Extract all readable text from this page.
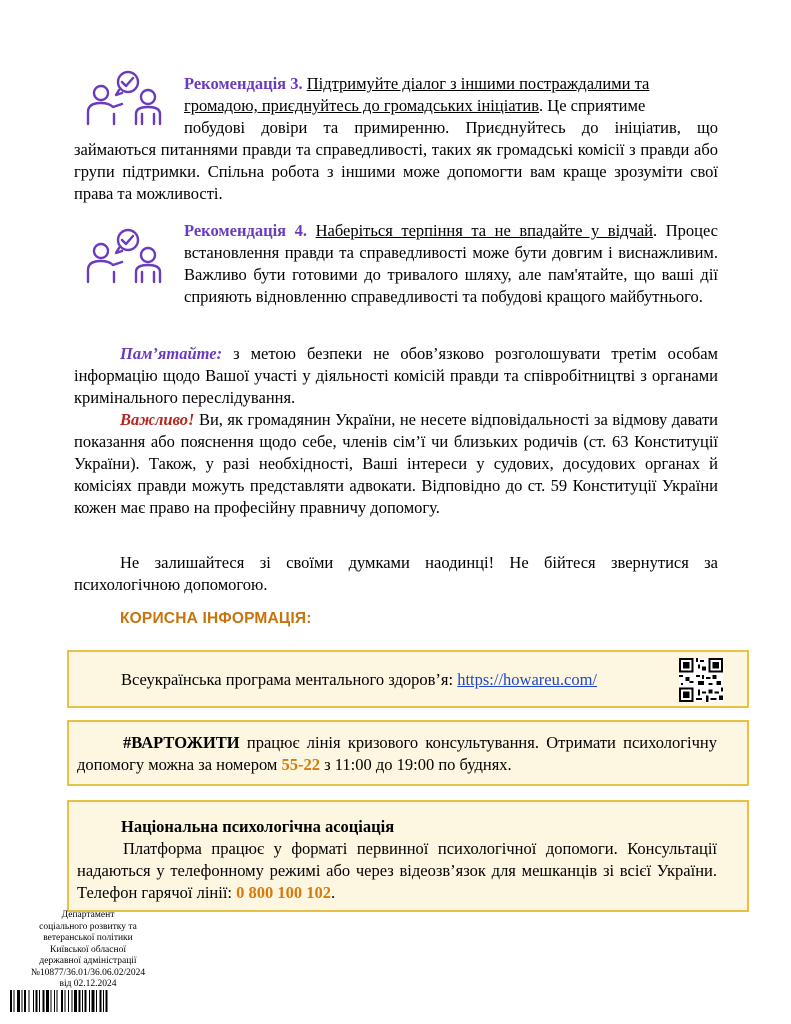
Рекомендація 3. Підтримуйте діалог з іншими постраждалими та
громадою, приєднуйтесь до громадських ініціатив. Це сприятиме
побудові довіри та примиренню. Приєднуйтесь до ініціатив, що займаються питаннями правди та справедливості, таких як громадські комісії з правди або групи підтримки. Спільна робота з іншими може допомогти вам краще зрозуміти свої права та можливості.
Рекомендація 4. Наберіться терпіння та не впадайте у відчай. Процес встановлення правди та справедливості може бути довгим і виснажливим. Важливо бути готовими до тривалого шляху, але пам'ятайте, що ваші дії сприяють відновленню справедливості та побудові кращого майбутнього.
Пам’ятайте: з метою безпеки не обов’язково розголошувати третім особам інформацію щодо Вашої участі у діяльності комісій правди та співробітництві з органами кримінального переслідування.
Важливо! Ви, як громадянин України, не несете відповідальності за відмову давати показання або пояснення щодо себе, членів сім’ї чи близьких родичів (ст. 63 Конституції України). Також, у разі необхідності, Ваші інтереси у судових, досудових органах й комісіях правди можуть представляти адвокати. Відповідно до ст. 59 Конституції України кожен має право на професійну правничу допомогу.
Не залишайтеся зі своїми думками наодинці! Не бійтеся звернутися за психологічною допомогою.
КОРИСНА ІНФОРМАЦІЯ:
Всеукраїнська програма ментального здоров’я: https://howareu.com/
#ВАРТОЖИТИ працює лінія кризового консультування. Отримати психологічну допомогу можна за номером 55-22 з 11:00 до 19:00 по буднях.
Національна психологічна асоціація
Платформа працює у форматі первинної психологічної допомоги. Консультації надаються у телефонному режимі або через відеозв’язок для мешканців зі всієї України. Телефон гарячої лінії: 0 800 100 102.
Департамент
соціального розвитку та
ветеранської політики
Київської обласної
державної адміністрації
№10877/36.01/36.06.02/2024
від 02.12.2024
